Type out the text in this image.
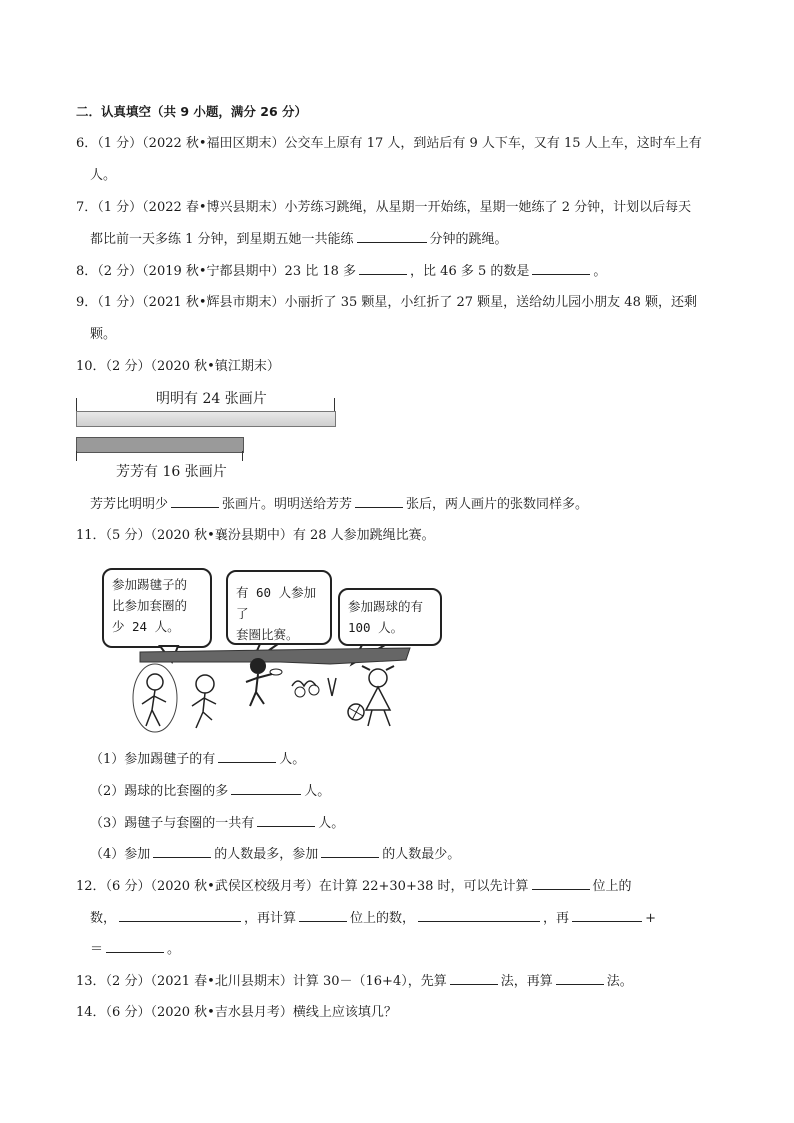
二．认真填空（共 9 小题，满分 26 分）
6．（1 分）（2022 秋•福田区期末）公交车上原有 17 人，到站后有 9 人下车，又有 15 人上车，这时车上有
人。
7．（1 分）（2022 春•博兴县期末）小芳练习跳绳，从星期一开始练，星期一她练了 2 分钟，计划以后每天
都比前一天多练 1 分钟，到星期五她一共能练	分钟的跳绳。
8．（2 分）（2019 秋•宁都县期中）23 比 18 多	，比 46 多 5 的数是	。
9．（1 分）（2021 秋•辉县市期末）小丽折了 35 颗星，小红折了 27 颗星，送给幼儿园小朋友 48 颗，还剩
颗。
10．（2 分）（2020 秋•镇江期末）
明明有 24 张画片
芳芳有 16 张画片
芳芳比明明少	张画片。明明送给芳芳	张后，两人画片的张数同样多。
11．（5 分）（2020 秋•襄汾县期中）有 28 人参加跳绳比赛。
参加踢毽子的
比参加套圈的
少 24 人。
有 60 人参加了
套圈比赛。
参加踢球的有
100 人。
（1）参加踢毽子的有	人。
（2）踢球的比套圈的多	人。
（3）踢毽子与套圈的一共有	人。
（4）参加	的人数最多，参加	的人数最少。
12．（6 分）（2020 秋•武侯区校级月考）在计算 22+30+38 时，可以先计算	位上的
数，	，再计算	位上的数，	，再	+
＝	。
13．（2 分）（2021 春•北川县期末）计算 30－（16+4），先算	法，再算	法。
14．（6 分）（2020 秋•吉水县月考）横线上应该填几？
